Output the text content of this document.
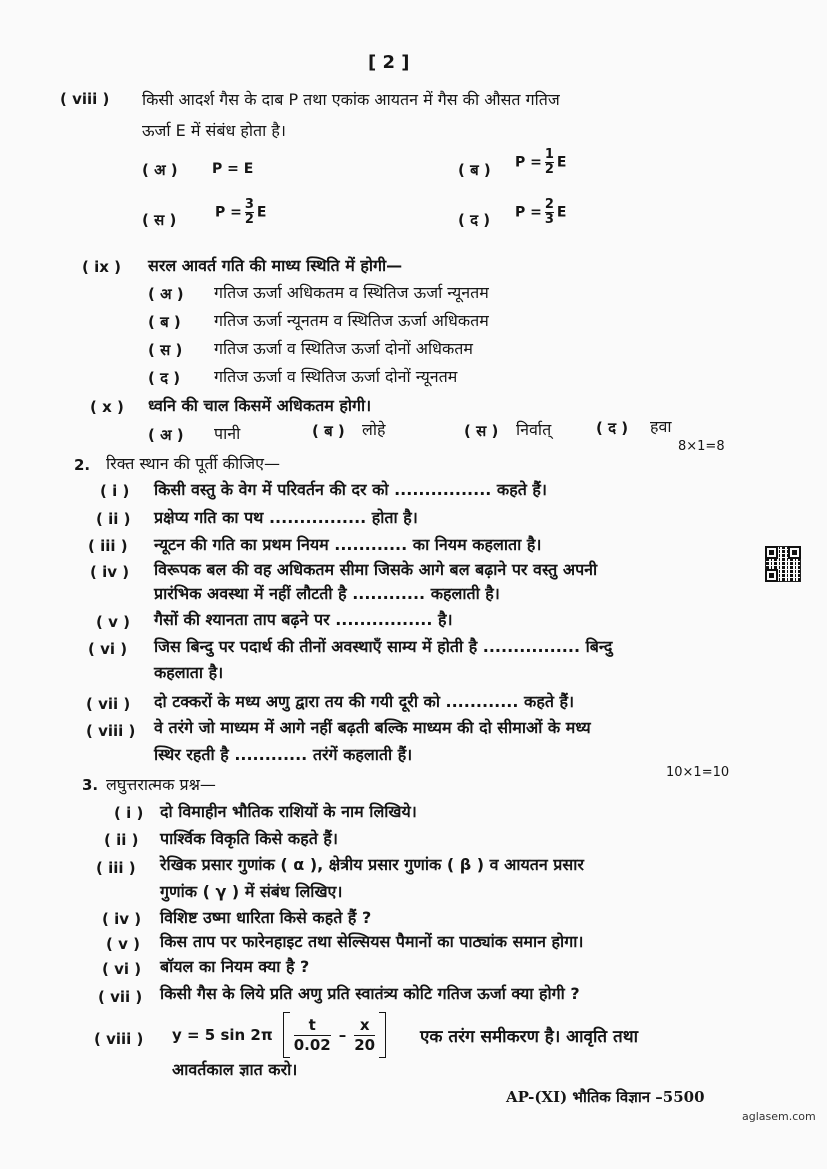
[ 2 ]
( viii ) किसी आदर्श गैस के दाब P तथा एकांक आयतन में गैस की औसत गतिज
ऊर्जा E में संबंध होता है।
( अ ) P = E	( ब ) $P = \frac{1}{2}$ E
( स )	$P = \frac{3}{2}$ E	( द ) $P = \frac{2}{3}$ E
( ix ) सरल आवर्त गति की माध्य स्थिति में होगी—
( अ ) गतिज ऊर्जा अधिकतम व स्थितिज ऊर्जा न्यूनतम
( ब ) गतिज ऊर्जा न्यूनतम व स्थितिज ऊर्जा अधिकतम
( स ) गतिज ऊर्जा व स्थितिज ऊर्जा दोनों अधिकतम
( द ) गतिज ऊर्जा व स्थितिज ऊर्जा दोनों न्यूनतम
( x ) ध्वनि की चाल किसमें अधिकतम होगी।
( अ ) पानी	( ब ) लोहे	( स ) निर्वात्	( द ) हवा
8×1=8
2. रिक्त स्थान की पूर्ती कीजिए—
( i ) किसी वस्तु के वेग में परिवर्तन की दर को ................ कहते हैं।
( ii ) प्रक्षेप्य गति का पथ ................ होता है।
( iii ) न्यूटन की गति का प्रथम नियम ............ का नियम कहलाता है।
( iv ) विरूपक बल की वह अधिकतम सीमा जिसके आगे बल बढ़ाने पर वस्तु अपनी
प्रारंभिक अवस्था में नहीं लौटती है ............ कहलाती है।
( v ) गैसों की श्यानता ताप बढ़ने पर ................ है।
( vi ) जिस बिन्दु पर पदार्थ की तीनों अवस्थाएँ साम्य में होती है ................ बिन्दु
कहलाता है।
( vii ) दो टक्करों के मध्य अणु द्वारा तय की गयी दूरी को ............ कहते हैं।
( viii ) वे तरंगे जो माध्यम में आगे नहीं बढ़ती बल्कि माध्यम की दो सीमाओं के मध्य
स्थिर रहती है ............ तरंगें कहलाती हैं।
10×1=10
3. लघुत्तरात्मक प्रश्न—
( i ) दो विमाहीन भौतिक राशियों के नाम लिखिये।
( ii ) पार्श्विक विकृति किसे कहते हैं।
( iii ) रेखिक प्रसार गुणांक ( α ), क्षेत्रीय प्रसार गुणांक ( β ) व आयतन प्रसार
गुणांक ( γ ) में संबंध लिखिए।
( iv ) विशिष्ट उष्मा धारिता किसे कहते हैं ?
( v ) किस ताप पर फारेनहाइट तथा सेल्सियस पैमानों का पाठ्यांक समान होगा।
( vi ) बॉयल का नियम क्या है ?
( vii ) किसी गैस के लिये प्रति अणु प्रति स्वातंत्र्य कोटि गतिज ऊर्जा क्या होगी ?
( viii ) y = 5 sin 2π
t
0.02
–
x
20	एक तरंग समीकरण है। आवृति तथा
आवर्तकाल ज्ञात करो।
AP-(XI) भौतिक विज्ञान –5500
aglasem.com
